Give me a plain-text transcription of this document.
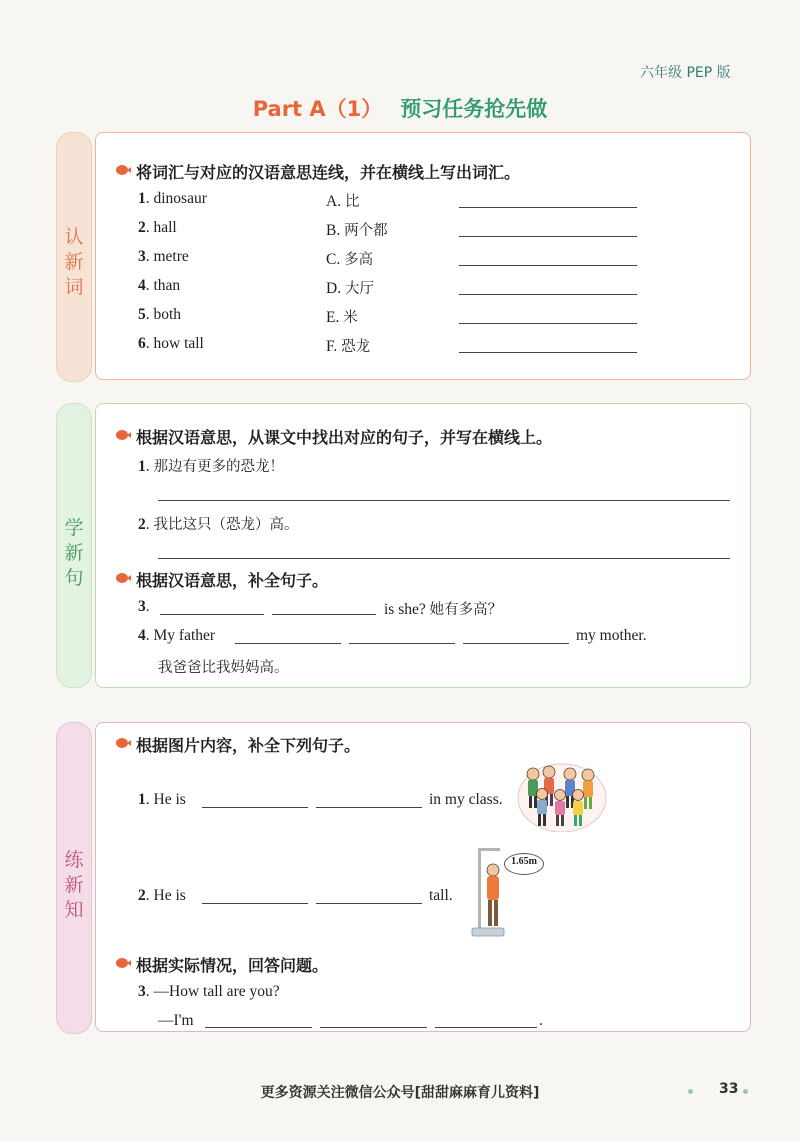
六年级 PEP 版
Part A（1） 预习任务抢先做
认
新
词
将词汇与对应的汉语意思连线，并在横线上写出词汇。
1. dinosaur	A. 比
2. hall	B. 两个都
3. metre	C. 多高
4. than	D. 大厅
5. both	E. 米
6. how tall	F. 恐龙
学
新
句
根据汉语意思，从课文中找出对应的句子，并写在横线上。
根据汉语意思，补全句子。
1. 那边有更多的恐龙！
2. 我比这只（恐龙）高。
3.	is she? 她有多高？
4. My father	my mother.
我爸爸比我妈妈高。
练
新
知
根据图片内容，补全下列句子。
根据实际情况，回答问题。
1. He is	in my class.
2. He is	tall.
1.65m
3. —How tall are you?
—I'm	.
更多资源关注微信公众号[甜甜麻麻育儿资料]	33
